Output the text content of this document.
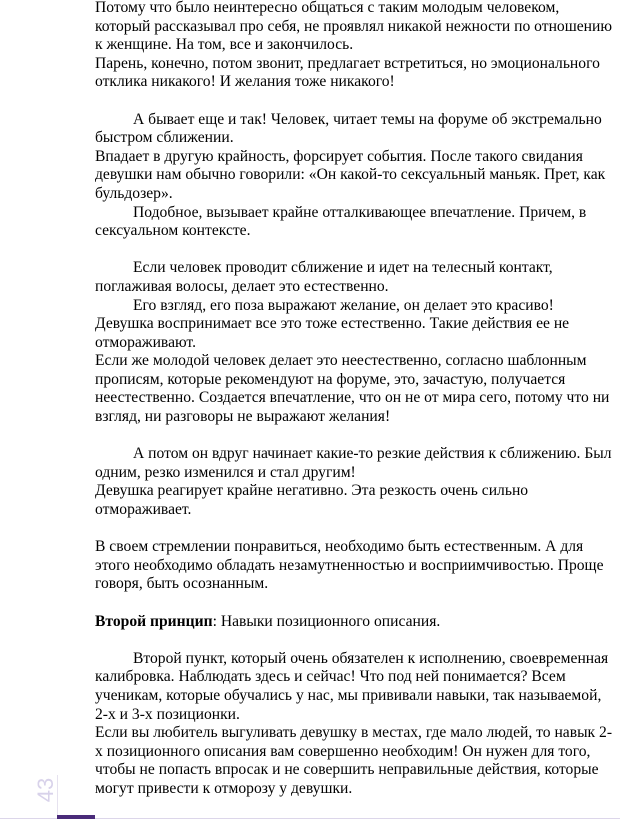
Потому что было неинтересно общаться с таким молодым человеком,
который рассказывал про себя, не проявлял никакой нежности по отношению
к женщине. На том, все и закончилось.
Парень, конечно, потом звонит, предлагает встретиться, но эмоционального
отклика никакого! И желания тоже никакого!
А бывает еще и так! Человек, читает темы на форуме об экстремально
быстром сближении.
Впадает в другую крайность, форсирует события. После такого свидания
девушки нам обычно говорили: «Он какой-то сексуальный маньяк. Прет, как
бульдозер».
Подобное, вызывает крайне отталкивающее впечатление. Причем, в
сексуальном контексте.
Если человек проводит сближение и идет на телесный контакт,
поглаживая волосы, делает это естественно.
Его взгляд, его поза выражают желание, он делает это красиво!
Девушка воспринимает все это тоже естественно. Такие действия ее не
отмораживают.
Если же молодой человек делает это неестественно, согласно шаблонным
прописям, которые рекомендуют на форуме, это, зачастую, получается
неестественно. Создается впечатление, что он не от мира сего, потому что ни
взгляд, ни разговоры не выражают желания!
А потом он вдруг начинает какие-то резкие действия к сближению. Был
одним, резко изменился и стал другим!
Девушка реагирует крайне негативно. Эта резкость очень сильно
отмораживает.
В своем стремлении понравиться, необходимо быть естественным. А для
этого необходимо обладать незамутненностью и восприимчивостью. Проще
говоря, быть осознанным.
Второй принцип: Навыки позиционного описания.
Второй пункт, который очень обязателен к исполнению, своевременная
калибровка. Наблюдать здесь и сейчас! Что под ней понимается? Всем
ученикам, которые обучались у нас, мы прививали навыки, так называемой,
2-х и 3-х позиционки.
Если вы любитель выгуливать девушку в местах, где мало людей, то навык 2-
х позиционного описания вам совершенно необходим! Он нужен для того,
чтобы не попасть впросак и не совершить неправильные действия, которые
могут привести к отморозу у девушки.
43
